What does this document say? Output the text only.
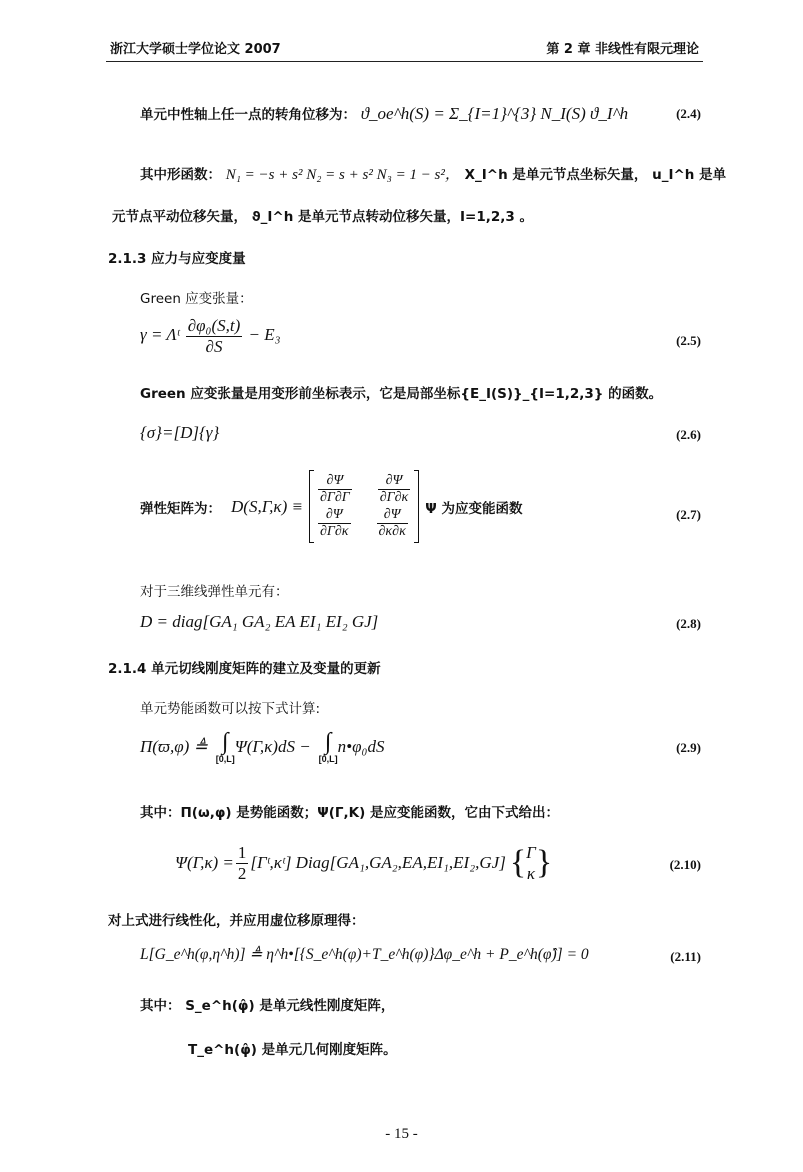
浙江大学硕士学位论文 2007	第 2 章 非线性有限元理论
单元中性轴上任一点的转角位移为： ϑ_oe^h(S) = Σ_{I=1}^{3} N_I(S) ϑ_I^h	(2.4)
其中形函数： N₁ = −s + s² N₂ = s + s² N₃ = 1 − s²， X_I^h 是单元节点坐标矢量， u_I^h 是单
元节点平动位移矢量， ϑ_I^h 是单元节点转动位移矢量，I=1,2,3 。
2.1.3 应力与应变度量
Green 应变张量：
γ = Λᵗ $\frac{\text{∂φ₀(S,t)}}{\partial S} - E_3$	(2.5)
Green 应变张量是用变形前坐标表示，它是局部坐标{E_I(S)}_{I=1,2,3} 的函数。
{σ}=[D]{γ}	(2.6)
弹性矩阵为： $D(S,\Gamma,\kappa) \equiv \frac{\partial\Psi}{\partial\Gamma\partial\Gamma} \frac{\partial\Psi}{\partial\Gamma\partial\kappa}$
$\frac{\partial\Psi}{\partial\Gamma\partial\kappa} \frac{\partial\Psi}{\partial\kappa\partial\kappa}$ Ψ 为应变能函数	(2.7)
对于三维线弹性单元有：
D = diag[GA₁ GA₂ EA EI₁ EI₂ GJ]	(2.8)
2.1.4 单元切线刚度矩阵的建立及变量的更新
单元势能函数可以按下式计算:
Π(ϖ,φ) ≜ ∫
[0,L]
Ψ(Γ,κ)dS − ∫
[0,L]
n•φ₀dS	(2.9)
其中：Π(ω,φ) 是势能函数；Ψ(Γ,K) 是应变能函数，它由下式给出：
$\Psi(\Gamma,\kappa) = \frac{1}{2}$ [Γᵗ,κᵗ] Diag[GA₁,GA₂,EA,EI₁,EI₂,GJ] { Γ
κ }	(2.10)
对上式进行线性化，并应用虚位移原理得：
L[G_e^h(φ,η^h)] ≜ η^h•[{S_e^h(φ)+T_e^h(φ)}Δφ_e^h + P_e^h(φ̂)] = 0	(2.11)
其中： S_e^h(φ̂) 是单元线性刚度矩阵，
T_e^h(φ̂) 是单元几何刚度矩阵。
- 15 -
